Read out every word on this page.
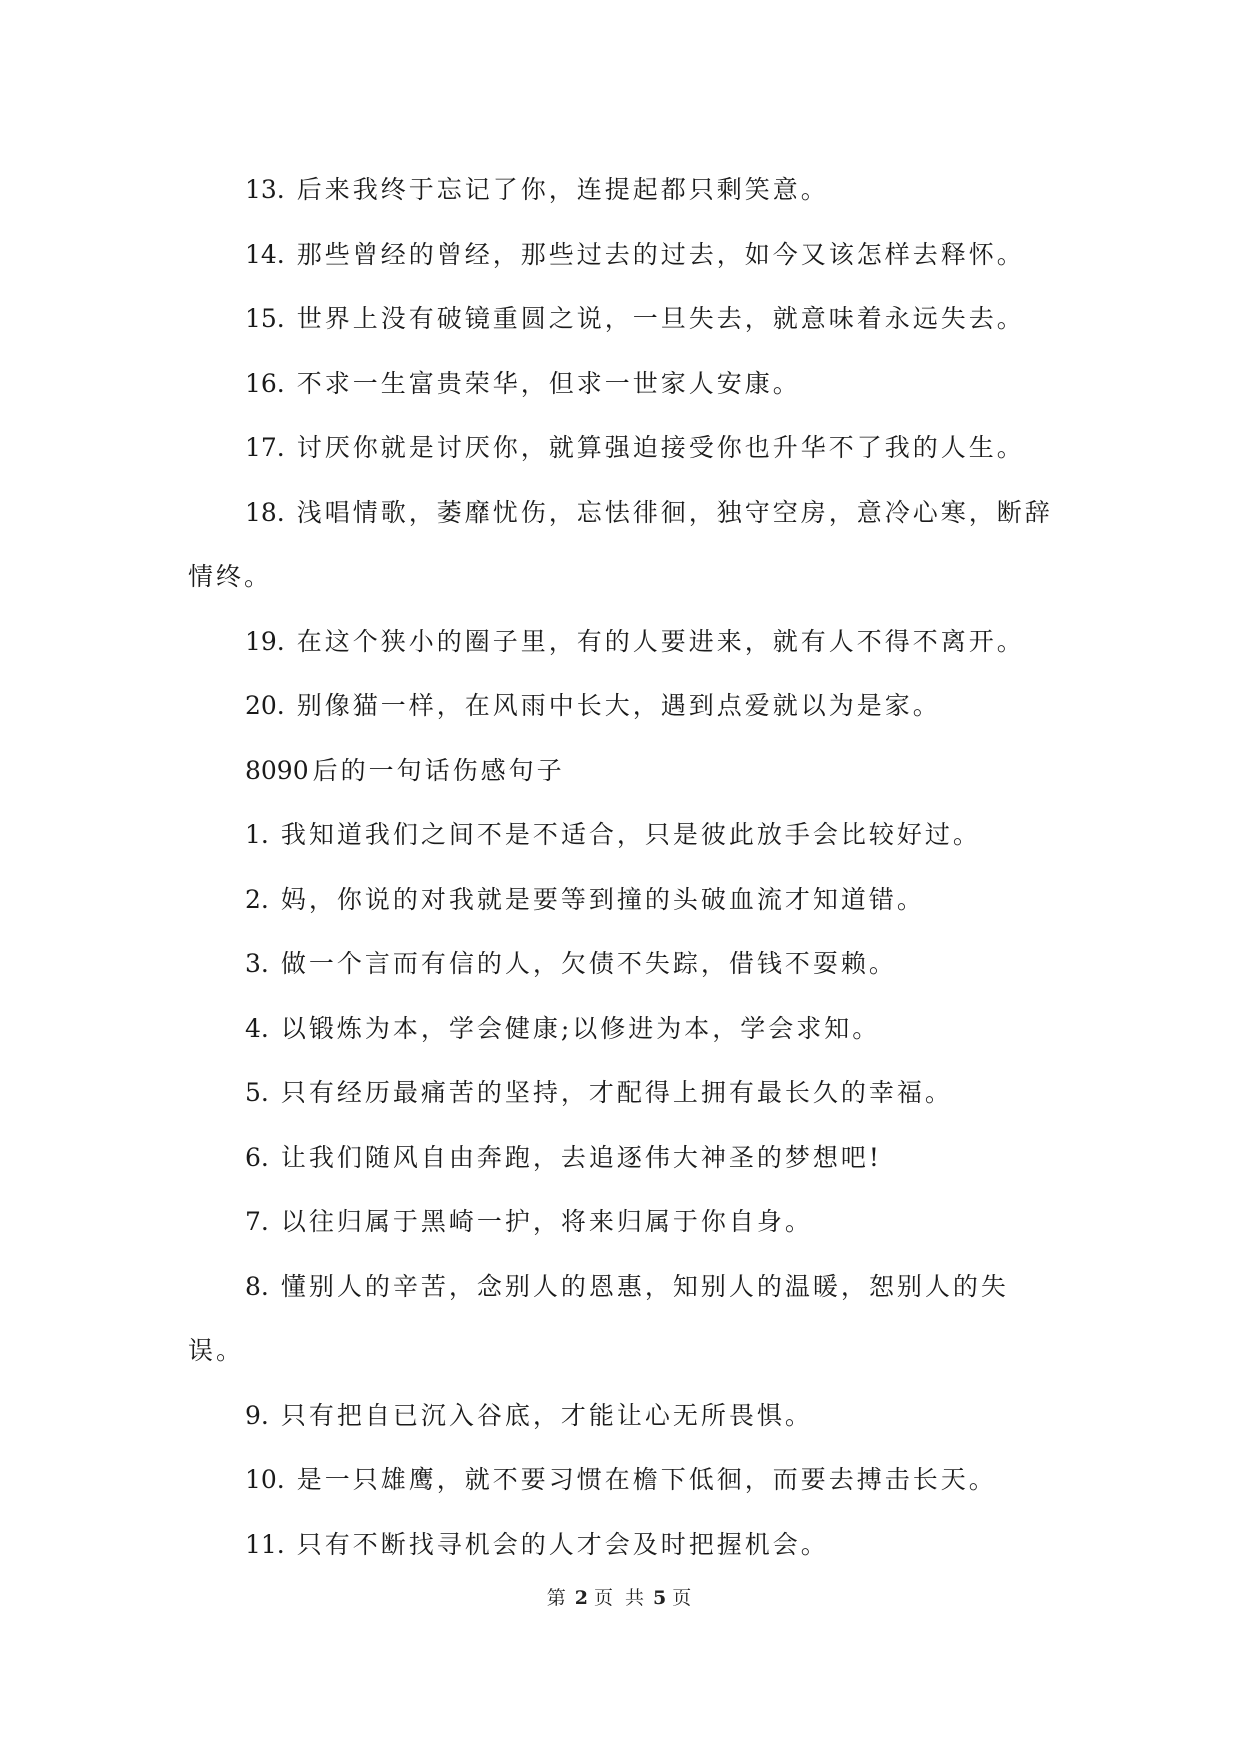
13. 后来我终于忘记了你，连提起都只剩笑意。

14. 那些曾经的曾经，那些过去的过去，如今又该怎样去释怀。

15. 世界上没有破镜重圆之说，一旦失去，就意味着永远失去。

16. 不求一生富贵荣华，但求一世家人安康。

17. 讨厌你就是讨厌你，就算强迫接受你也升华不了我的人生。

18. 浅唱情歌，萎靡忧伤，忘怯徘徊，独守空房，意冷心寒，断辞情终。

19. 在这个狭小的圈子里，有的人要进来，就有人不得不离开。

20. 别像猫一样，在风雨中长大，遇到点爱就以为是家。

8090 后的一句话伤感句子

1. 我知道我们之间不是不适合，只是彼此放手会比较好过。

2. 妈，你说的对我就是要等到撞的头破血流才知道错。

3. 做一个言而有信的人，欠债不失踪，借钱不耍赖。

4. 以锻炼为本，学会健康;以修进为本，学会求知。

5. 只有经历最痛苦的坚持，才配得上拥有最长久的幸福。

6. 让我们随风自由奔跑，去追逐伟大神圣的梦想吧!

7. 以往归属于黑崎一护，将来归属于你自身。

8. 懂别人的辛苦，念别人的恩惠，知别人的温暖，恕别人的失误。

9. 只有把自已沉入谷底，才能让心无所畏惧。

10. 是一只雄鹰，就不要习惯在檐下低徊，而要去搏击长天。

11. 只有不断找寻机会的人才会及时把握机会。

第 2 页 共 5 页
